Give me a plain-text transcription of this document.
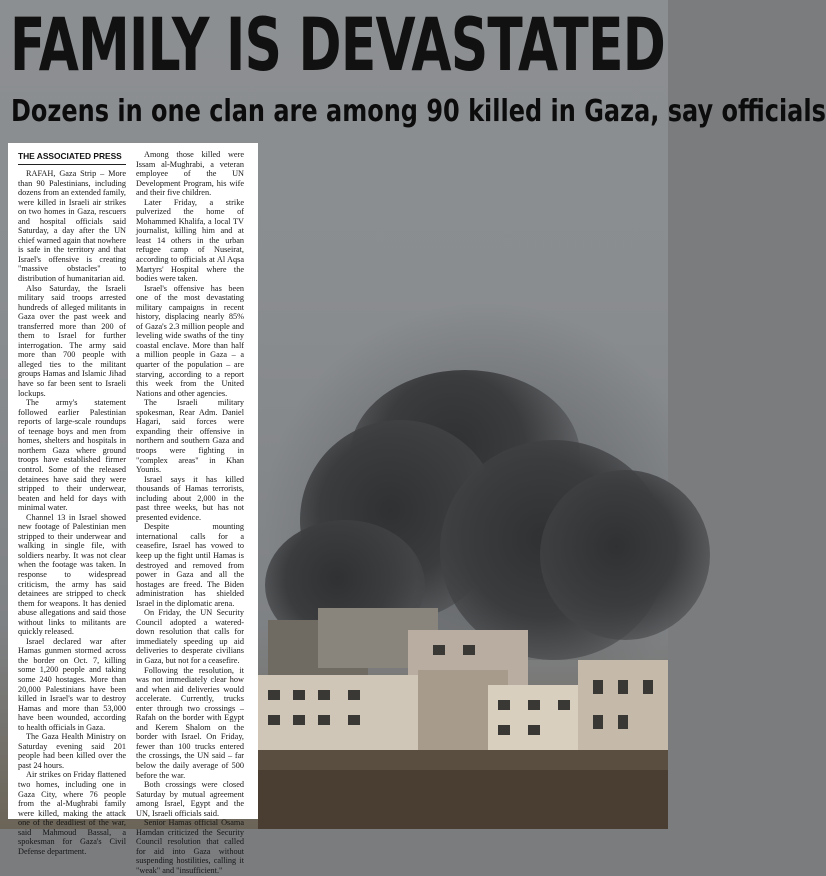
FAMILY IS DEVASTATED
Dozens in one clan are among 90 killed in Gaza, say officials
THE ASSOCIATED PRESS

RAFAH, Gaza Strip – More than 90 Palestinians, including dozens from an extended family, were killed in Israeli air strikes on two homes in Gaza, rescuers and hospital officials said Saturday, a day after the UN chief warned again that nowhere is safe in the territory and that Israel's offensive is creating "massive obstacles" to distribution of humanitarian aid.

Also Saturday, the Israeli military said troops arrested hundreds of alleged militants in Gaza over the past week and transferred more than 200 of them to Israel for further interrogation. The army said more than 700 people with alleged ties to the militant groups Hamas and Islamic Jihad have so far been sent to Israeli lockups.

The army's statement followed earlier Palestinian reports of large-scale roundups of teenage boys and men from homes, shelters and hospitals in northern Gaza where ground troops have established firmer control. Some of the released detainees have said they were stripped to their underwear, beaten and held for days with minimal water.

Channel 13 in Israel showed new footage of Palestinian men stripped to their underwear and walking in single file, with soldiers nearby. It was not clear when the footage was taken. In response to widespread criticism, the army has said detainees are stripped to check them for weapons. It has denied abuse allegations and said those without links to militants are quickly released.

Israel declared war after Hamas gunmen stormed across the border on Oct. 7, killing some 1,200 people and taking some 240 hostages. More than 20,000 Palestinians have been killed in Israel's war to destroy Hamas and more than 53,000 have been wounded, according to health officials in Gaza.

The Gaza Health Ministry on Saturday evening said 201 people had been killed over the past 24 hours.

Air strikes on Friday flattened two homes, including one in Gaza City, where 76 people from the al-Mughrabi family were killed, making the attack one of the deadliest of the war, said Mahmoud Bassal, a spokesman for Gaza's Civil Defense department.

Among those killed were Issam al-Mughrabi, a veteran employee of the UN Development Program, his wife and their five children.

Later Friday, a strike pulverized the home of Mohammed Khalifa, a local TV journalist, killing him and at least 14 others in the urban refugee camp of Nuseirat, according to officials at Al Aqsa Martyrs' Hospital where the bodies were taken.

Israel's offensive has been one of the most devastating military campaigns in recent history, displacing nearly 85% of Gaza's 2.3 million people and leveling wide swaths of the tiny coastal enclave. More than half a million people in Gaza – a quarter of the population – are starving, according to a report this week from the United Nations and other agencies.

The Israeli military spokesman, Rear Adm. Daniel Hagari, said forces were expanding their offensive in northern and southern Gaza and troops were fighting in "complex areas" in Khan Younis.

Israel says it has killed thousands of Hamas terrorists, including about 2,000 in the past three weeks, but has not presented evidence.

Despite mounting international calls for a ceasefire, Israel has vowed to keep up the fight until Hamas is destroyed and removed from power in Gaza and all the hostages are freed. The Biden administration has shielded Israel in the diplomatic arena.

On Friday, the UN Security Council adopted a watered-down resolution that calls for immediately speeding up aid deliveries to desperate civilians in Gaza, but not for a ceasefire.

Following the resolution, it was not immediately clear how and when aid deliveries would accelerate. Currently, trucks enter through two crossings – Rafah on the border with Egypt and Kerem Shalom on the border with Israel. On Friday, fewer than 100 trucks entered the crossings, the UN said – far below the daily average of 500 before the war.

Both crossings were closed Saturday by mutual agreement among Israel, Egypt and the UN, Israeli officials said.

Senior Hamas official Osama Hamdan criticized the Security Council resolution that called for aid into Gaza without suspending hostilities, calling it "weak" and "insufficient."
